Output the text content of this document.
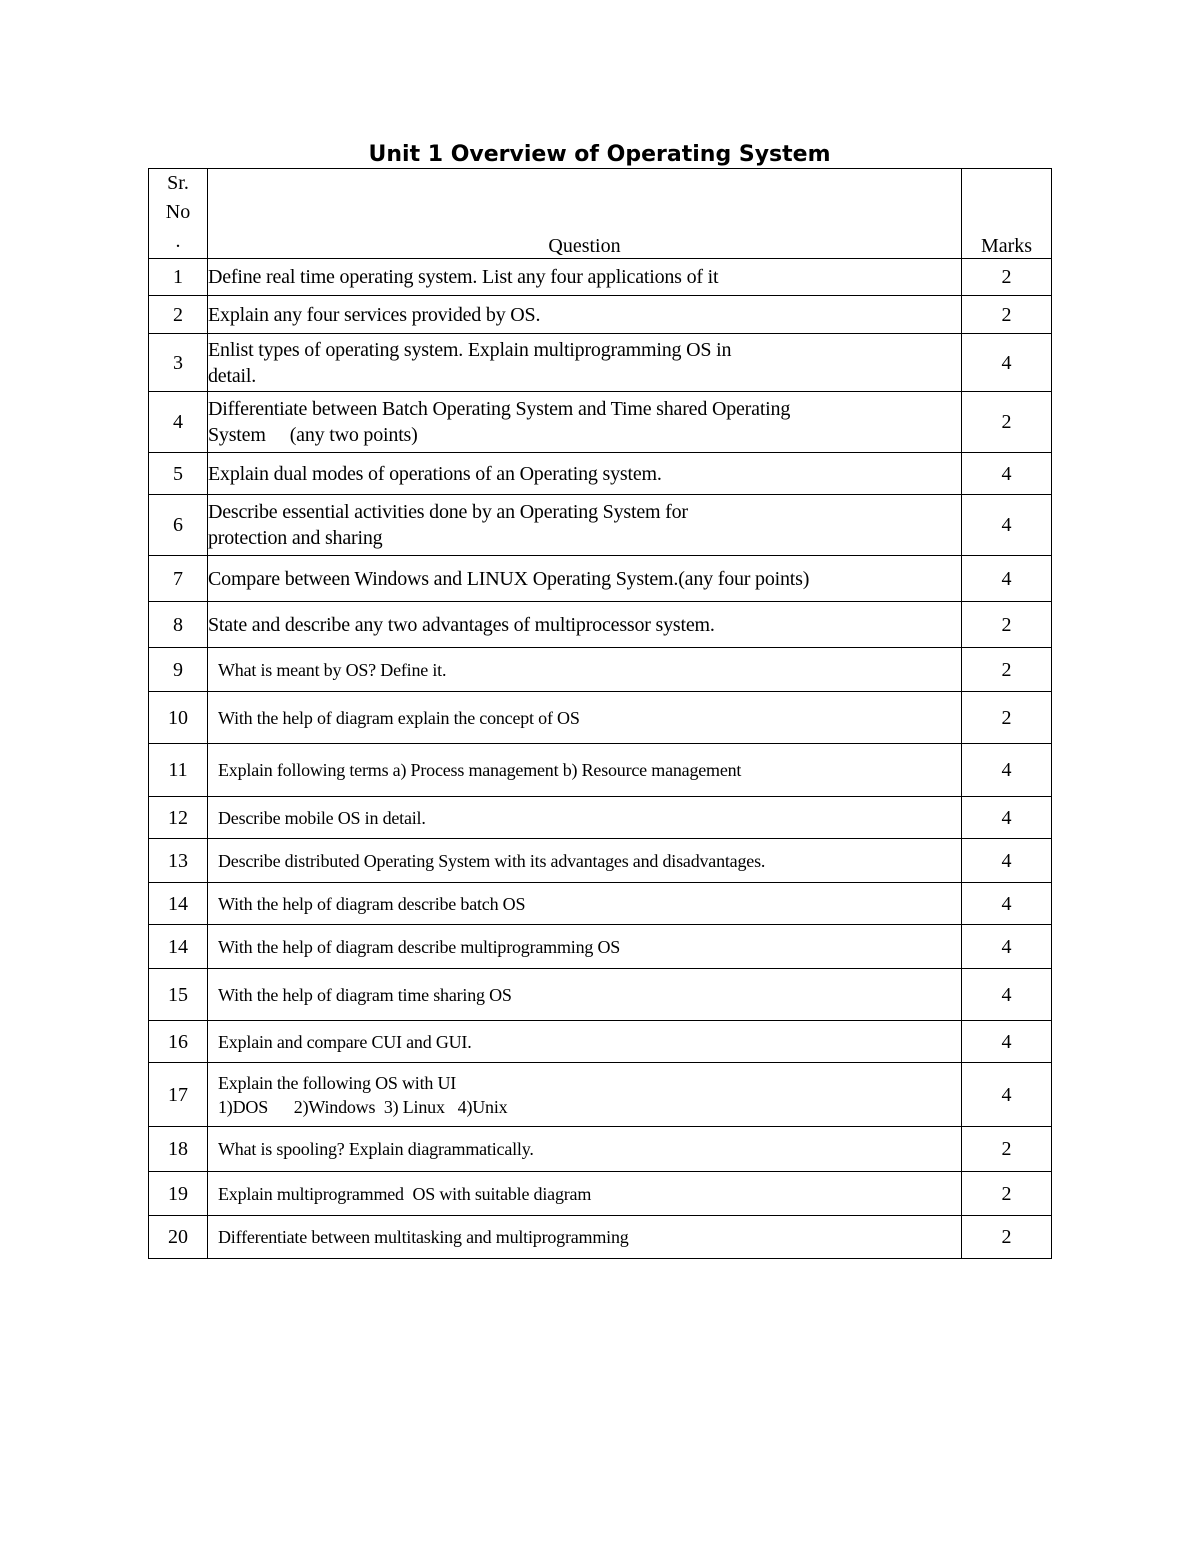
Unit 1 Overview of Operating System
Sr.
No
.	Question	Marks
1	Define real time operating system. List any four applications of it	2
2	Explain any four services provided by OS.	2
3	Enlist types of operating system. Explain multiprogramming OS in
detail.	4
4	Differentiate between Batch Operating System and Time shared Operating
System     (any two points)	2
5	Explain dual modes of operations of an Operating system.	4
6	Describe essential activities done by an Operating System for
protection and sharing	4
7	Compare between Windows and LINUX Operating System.(any four points)	4
8	State and describe any two advantages of multiprocessor system.	2
9	What is meant by OS? Define it.	2
10	With the help of diagram explain the concept of OS	2
11	Explain following terms a) Process management b) Resource management	4
12	Describe mobile OS in detail.	4
13	Describe distributed Operating System with its advantages and disadvantages.	4
14	With the help of diagram describe batch OS	4
14	With the help of diagram describe multiprogramming OS	4
15	With the help of diagram time sharing OS	4
16	Explain and compare CUI and GUI.	4
17	Explain the following OS with UI
1)DOS      2)Windows  3) Linux   4)Unix	4
18	What is spooling? Explain diagrammatically.	2
19	Explain multiprogrammed  OS with suitable diagram	2
20	Differentiate between multitasking and multiprogramming	2
